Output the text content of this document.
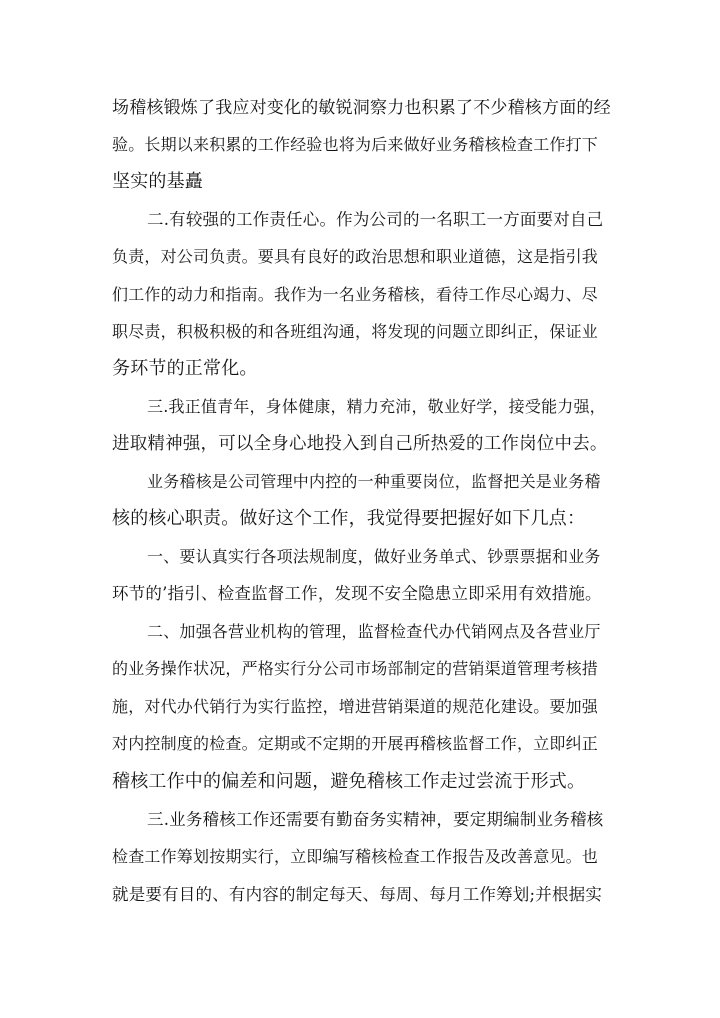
场稽核锻炼了我应对变化的敏锐洞察力也积累了不少稽核方面的经
验。长期以来积累的工作经验也将为后来做好业务稽核检查工作打下
坚实的基矗
二.有较强的工作责任心。作为公司的一名职工一方面要对自己
负责，对公司负责。要具有良好的政治思想和职业道德，这是指引我
们工作的动力和指南。我作为一名业务稽核，看待工作尽心竭力、尽
职尽责，积极积极的和各班组沟通，将发现的问题立即纠正，保证业
务环节的正常化。
三.我正值青年，身体健康，精力充沛，敬业好学，接受能力强，
进取精神强，可以全身心地投入到自己所热爱的工作岗位中去。
业务稽核是公司管理中内控的一种重要岗位，监督把关是业务稽
核的核心职责。做好这个工作，我觉得要把握好如下几点：
一、要认真实行各项法规制度，做好业务单式、钞票票据和业务
环节的’指引、检查监督工作，发现不安全隐患立即采用有效措施。
二、加强各营业机构的管理，监督检查代办代销网点及各营业厅
的业务操作状况，严格实行分公司市场部制定的营销渠道管理考核措
施，对代办代销行为实行监控，增进营销渠道的规范化建设。要加强
对内控制度的检查。定期或不定期的开展再稽核监督工作，立即纠正
稽核工作中的偏差和问题，避免稽核工作走过尝流于形式。
三.业务稽核工作还需要有勤奋务实精神，要定期编制业务稽核
检查工作筹划按期实行，立即编写稽核检查工作报告及改善意见。也
就是要有目的、有内容的制定每天、每周、每月工作筹划;并根据实
